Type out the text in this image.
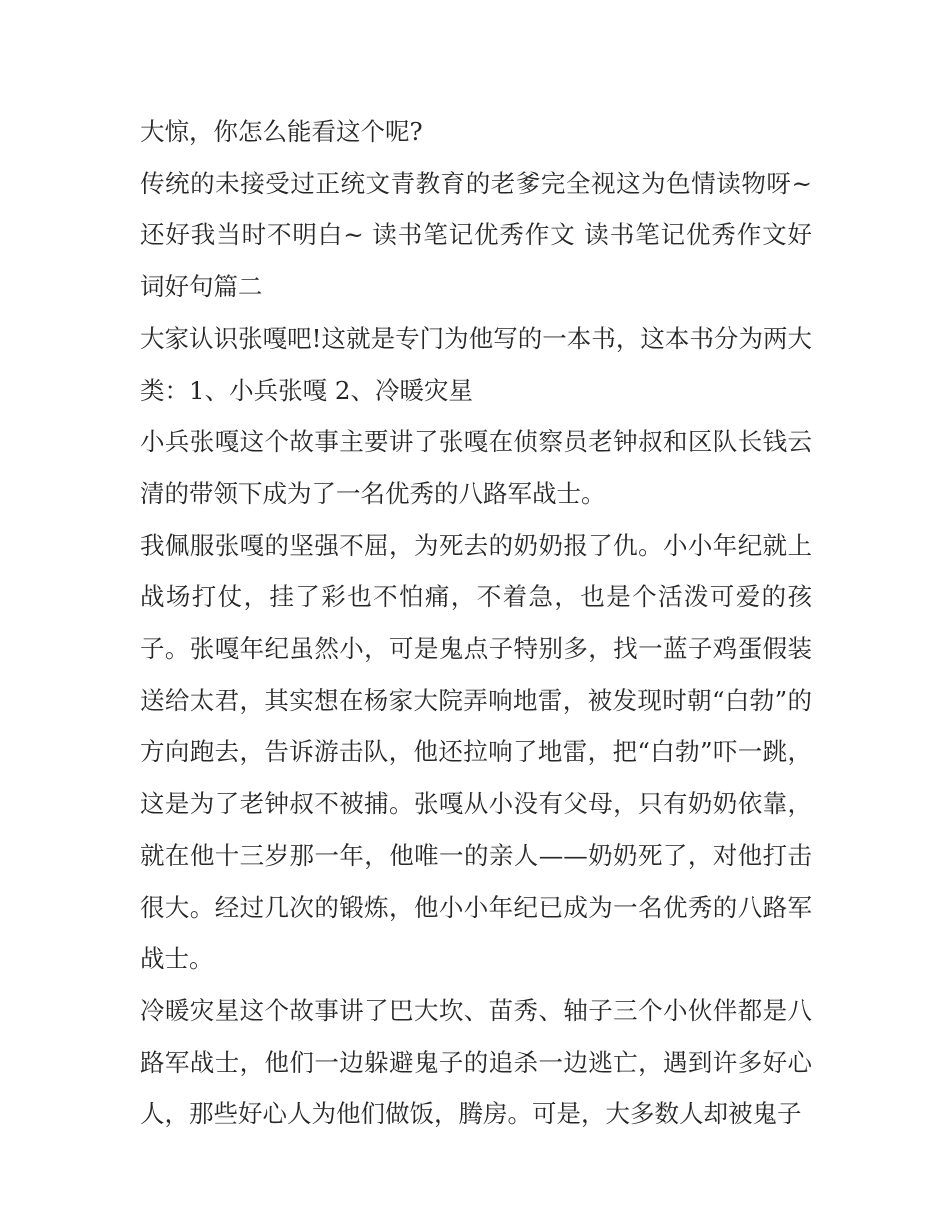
大惊，你怎么能看这个呢?

传统的未接受过正统文青教育的老爹完全视这为色情读物呀~还好我当时不明白~ 读书笔记优秀作文 读书笔记优秀作文好词好句篇二

大家认识张嘎吧!这就是专门为他写的一本书，这本书分为两大类：1、小兵张嘎 2、冷暖灾星

小兵张嘎这个故事主要讲了张嘎在侦察员老钟叔和区队长钱云清的带领下成为了一名优秀的八路军战士。

我佩服张嘎的坚强不屈，为死去的奶奶报了仇。小小年纪就上战场打仗，挂了彩也不怕痛，不着急，也是个活泼可爱的孩子。张嘎年纪虽然小，可是鬼点子特别多，找一蓝子鸡蛋假装送给太君，其实想在杨家大院弄响地雷，被发现时朝“白勃”的方向跑去，告诉游击队，他还拉响了地雷，把“白勃”吓一跳，这是为了老钟叔不被捕。张嘎从小没有父母，只有奶奶依靠，就在他十三岁那一年，他唯一的亲人——奶奶死了，对他打击很大。经过几次的锻炼，他小小年纪已成为一名优秀的八路军战士。

冷暖灾星这个故事讲了巴大坎、苗秀、轴子三个小伙伴都是八路军战士，他们一边躲避鬼子的追杀一边逃亡，遇到许多好心人，那些好心人为他们做饭，腾房。可是，大多数人却被鬼子
